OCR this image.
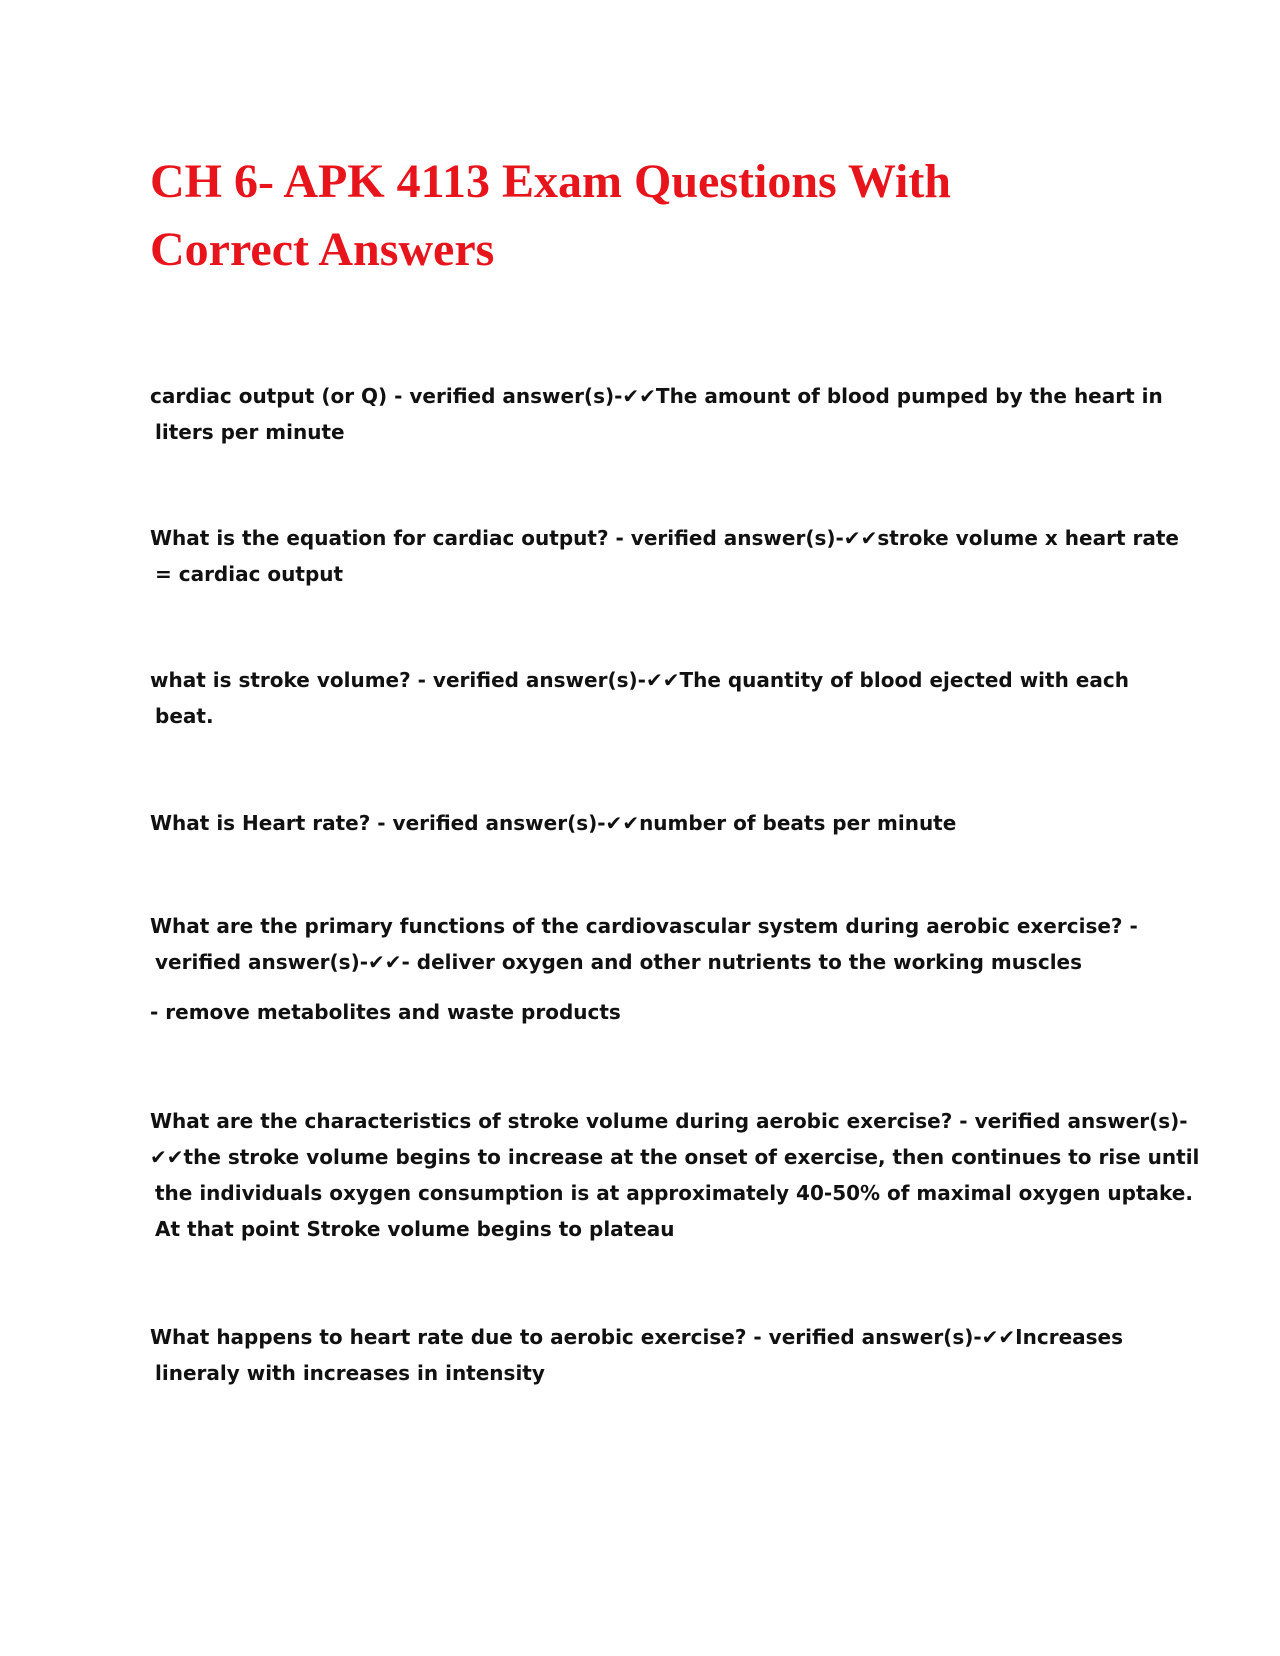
CH 6- APK 4113 Exam Questions With
Correct Answers
cardiac output (or Q) - verified answer(s)-✔✔The amount of blood pumped by the heart in
liters per minute
What is the equation for cardiac output? - verified answer(s)-✔✔stroke volume x heart rate
= cardiac output
what is stroke volume? - verified answer(s)-✔✔The quantity of blood ejected with each
beat.
What is Heart rate? - verified answer(s)-✔✔number of beats per minute
What are the primary functions of the cardiovascular system during aerobic exercise? -
verified answer(s)-✔✔- deliver oxygen and other nutrients to the working muscles
- remove metabolites and waste products
What are the characteristics of stroke volume during aerobic exercise? - verified answer(s)-
✔✔the stroke volume begins to increase at the onset of exercise, then continues to rise until
the individuals oxygen consumption is at approximately 40-50% of maximal oxygen uptake.
At that point Stroke volume begins to plateau
What happens to heart rate due to aerobic exercise? - verified answer(s)-✔✔Increases
lineraly with increases in intensity
